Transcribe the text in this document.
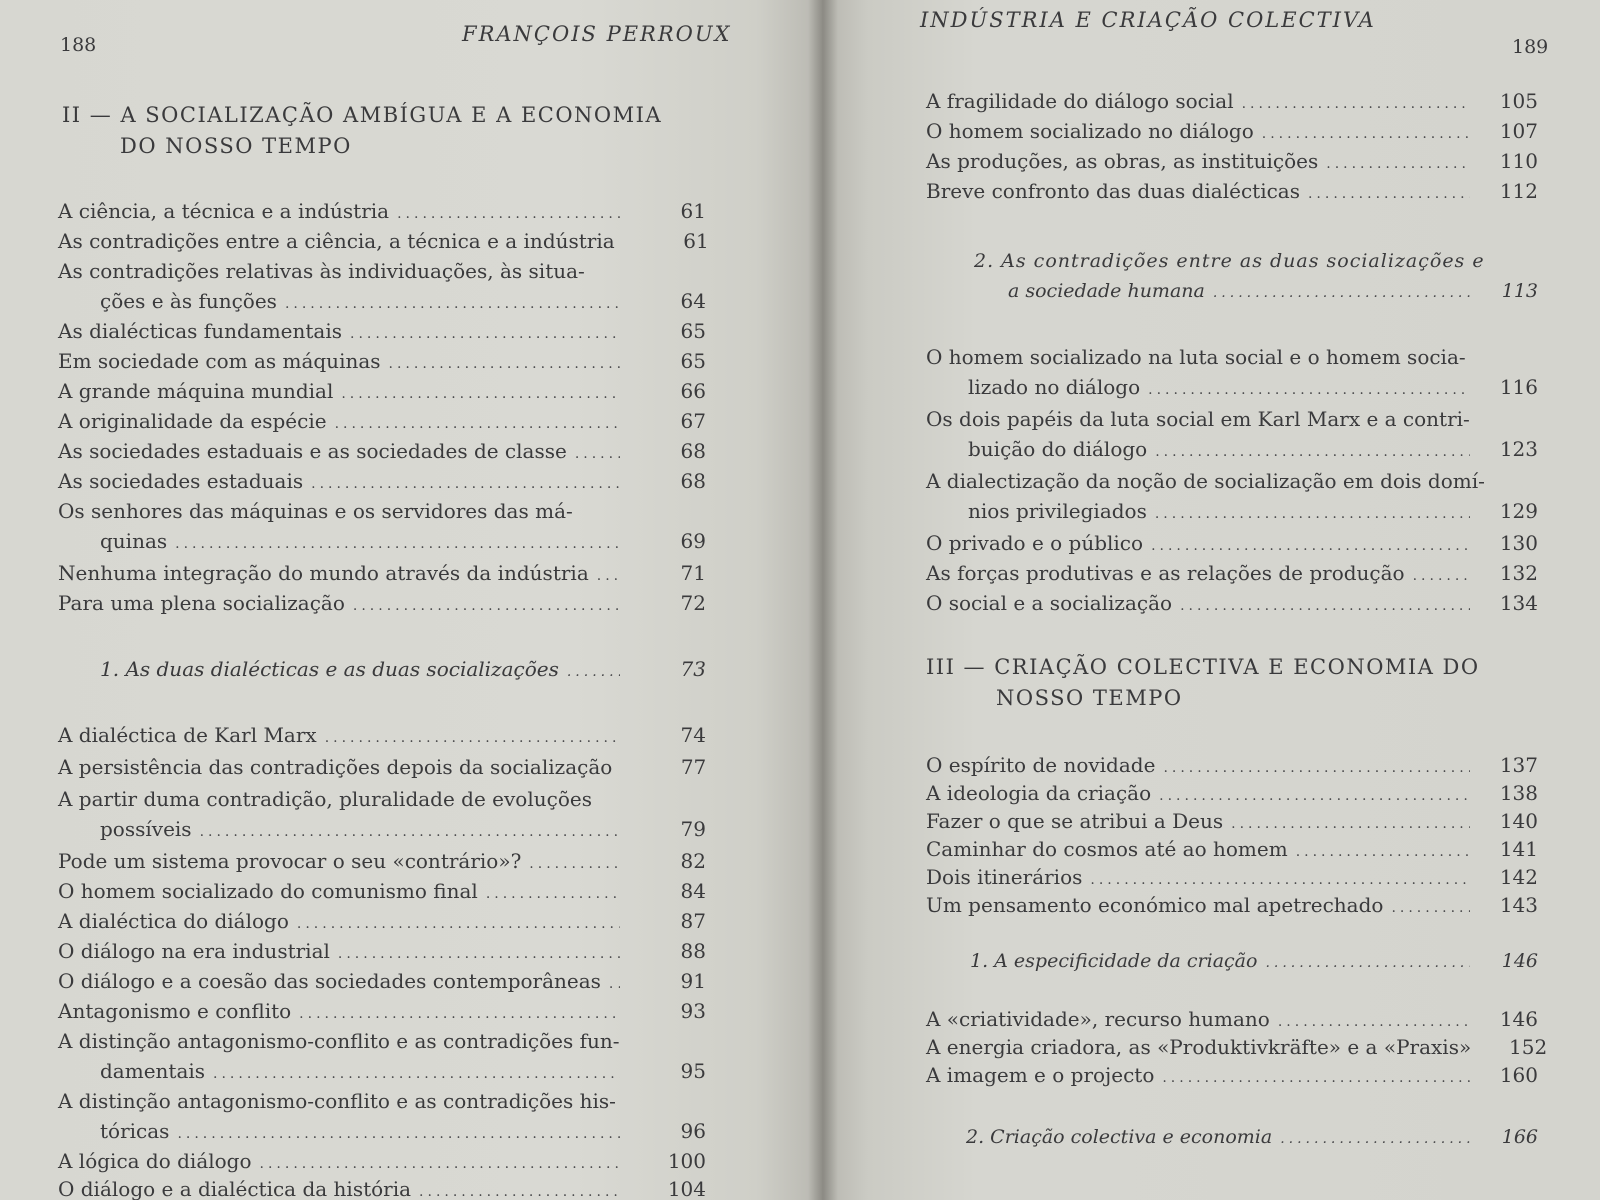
188	FRANÇOIS PERROUX
II — A SOCIALIZAÇÃO AMBÍGUA E A ECONOMIA
DO NOSSO TEMPO
A ciência, a técnica e a indústria .....	61
As contradições entre a ciência, a técnica e a indústria	61
As contradições relativas às individuações, às situa-
ções e às funções .....	64
As dialécticas fundamentais .....	65
Em sociedade com as máquinas .....	65
A grande máquina mundial .....	66
A originalidade da espécie .....	67
As sociedades estaduais e as sociedades de classe .....	68
As sociedades estaduais .....	68
Os senhores das máquinas e os servidores das má-
quinas .....	69
Nenhuma integração do mundo através da indústria .....	71
Para uma plena socialização .....	72
1. As duas dialécticas e as duas socializações .....	73
A dialéctica de Karl Marx .....	74
A persistência das contradições depois da socialização	77
A partir duma contradição, pluralidade de evoluções
possíveis .....	79
Pode um sistema provocar o seu «contrário»? .....	82
O homem socializado do comunismo final .....	84
A dialéctica do diálogo .....	87
O diálogo na era industrial .....	88
O diálogo e a coesão das sociedades contemporâneas .....	91
Antagonismo e conflito .....	93
A distinção antagonismo-conflito e as contradições fun-
damentais .....	95
A distinção antagonismo-conflito e as contradições his-
tóricas .....	96
A lógica do diálogo .....	100
O diálogo e a dialéctica da história .....	104
INDÚSTRIA E CRIAÇÃO COLECTIVA
189
A fragilidade do diálogo social .....	105
O homem socializado no diálogo .....	107
As produções, as obras, as instituições .....	110
Breve confronto das duas dialécticas .....	112
2. As contradições entre as duas socializações e
a sociedade humana .....	113
O homem socializado na luta social e o homem socia-
lizado no diálogo .....	116
Os dois papéis da luta social em Karl Marx e a contri-
buição do diálogo .....	123
A dialectização da noção de socialização em dois domí-
nios privilegiados .....	129
O privado e o público .....	130
As forças produtivas e as relações de produção .....	132
O social e a socialização .....	134
III — CRIAÇÃO COLECTIVA E ECONOMIA DO
NOSSO TEMPO
O espírito de novidade .....	137
A ideologia da criação .....	138
Fazer o que se atribui a Deus .....	140
Caminhar do cosmos até ao homem .....	141
Dois itinerários .....	142
Um pensamento económico mal apetrechado .....	143
1. A especificidade da criação .....	146
A «criatividade», recurso humano .....	146
A energia criadora, as «Produktivkräfte» e a «Praxis»	152
A imagem e o projecto .....	160
2. Criação colectiva e economia .....	166
